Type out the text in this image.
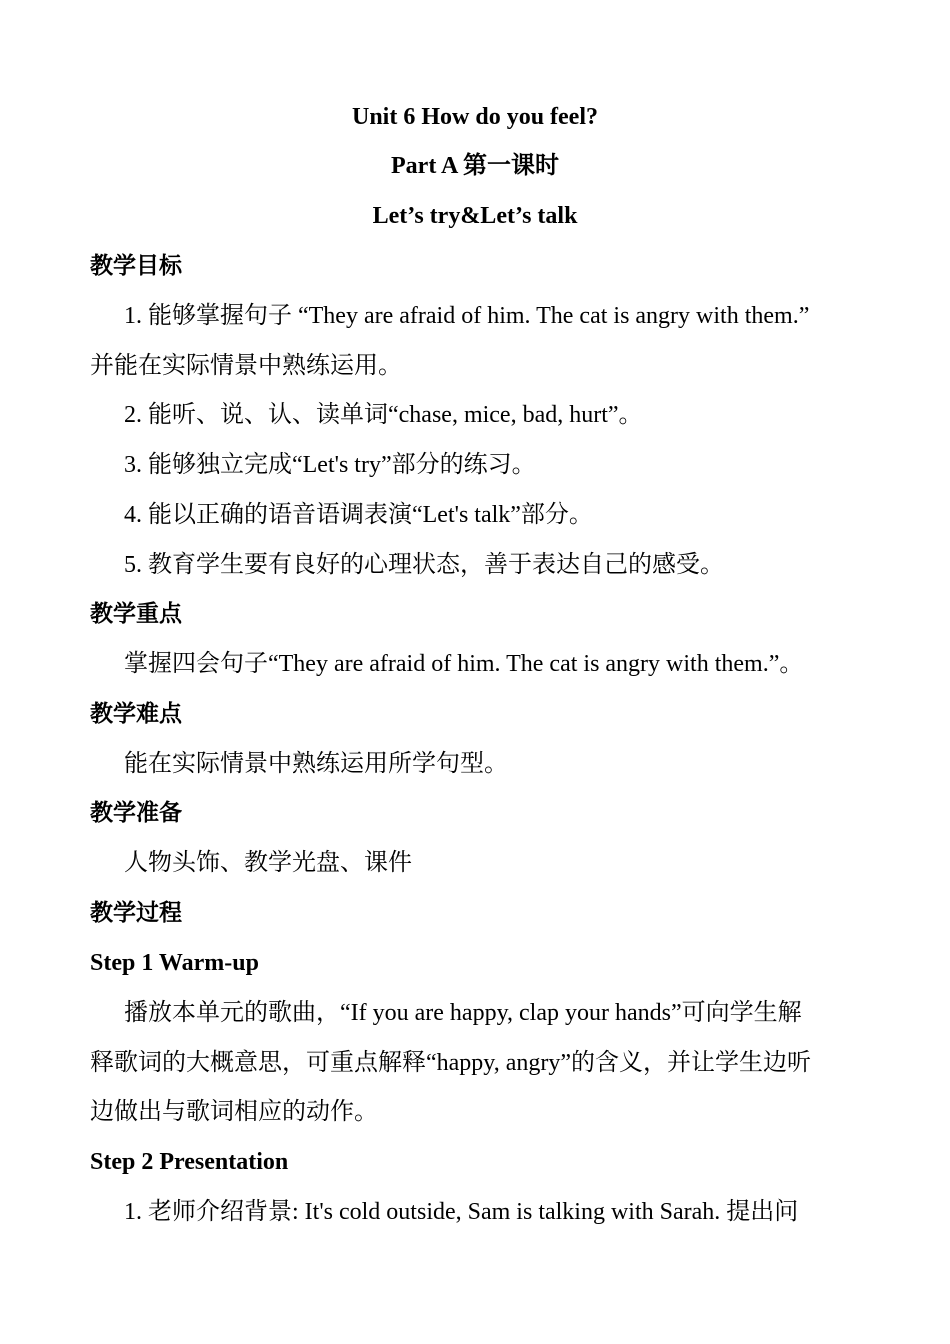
Unit 6 How do you feel?
Part A 第一课时
Let’s try&Let’s talk
教学目标
1. 能够掌握句子 “They are afraid of him. The cat is angry with them.”
并能在实际情景中熟练运用。
2. 能听、说、认、读单词“chase, mice, bad, hurt”。
3. 能够独立完成“Let's try”部分的练习。
4. 能以正确的语音语调表演“Let's talk”部分。
5. 教育学生要有良好的心理状态，善于表达自己的感受。
教学重点
掌握四会句子“They are afraid of him. The cat is angry with them.”。
教学难点
能在实际情景中熟练运用所学句型。
教学准备
人物头饰、教学光盘、课件
教学过程
Step 1 Warm-up
播放本单元的歌曲，“If you are happy, clap your hands”可向学生解
释歌词的大概意思，可重点解释“happy, angry”的含义，并让学生边听
边做出与歌词相应的动作。
Step 2 Presentation
1. 老师介绍背景: It's cold outside, Sam is talking with Sarah. 提出问
